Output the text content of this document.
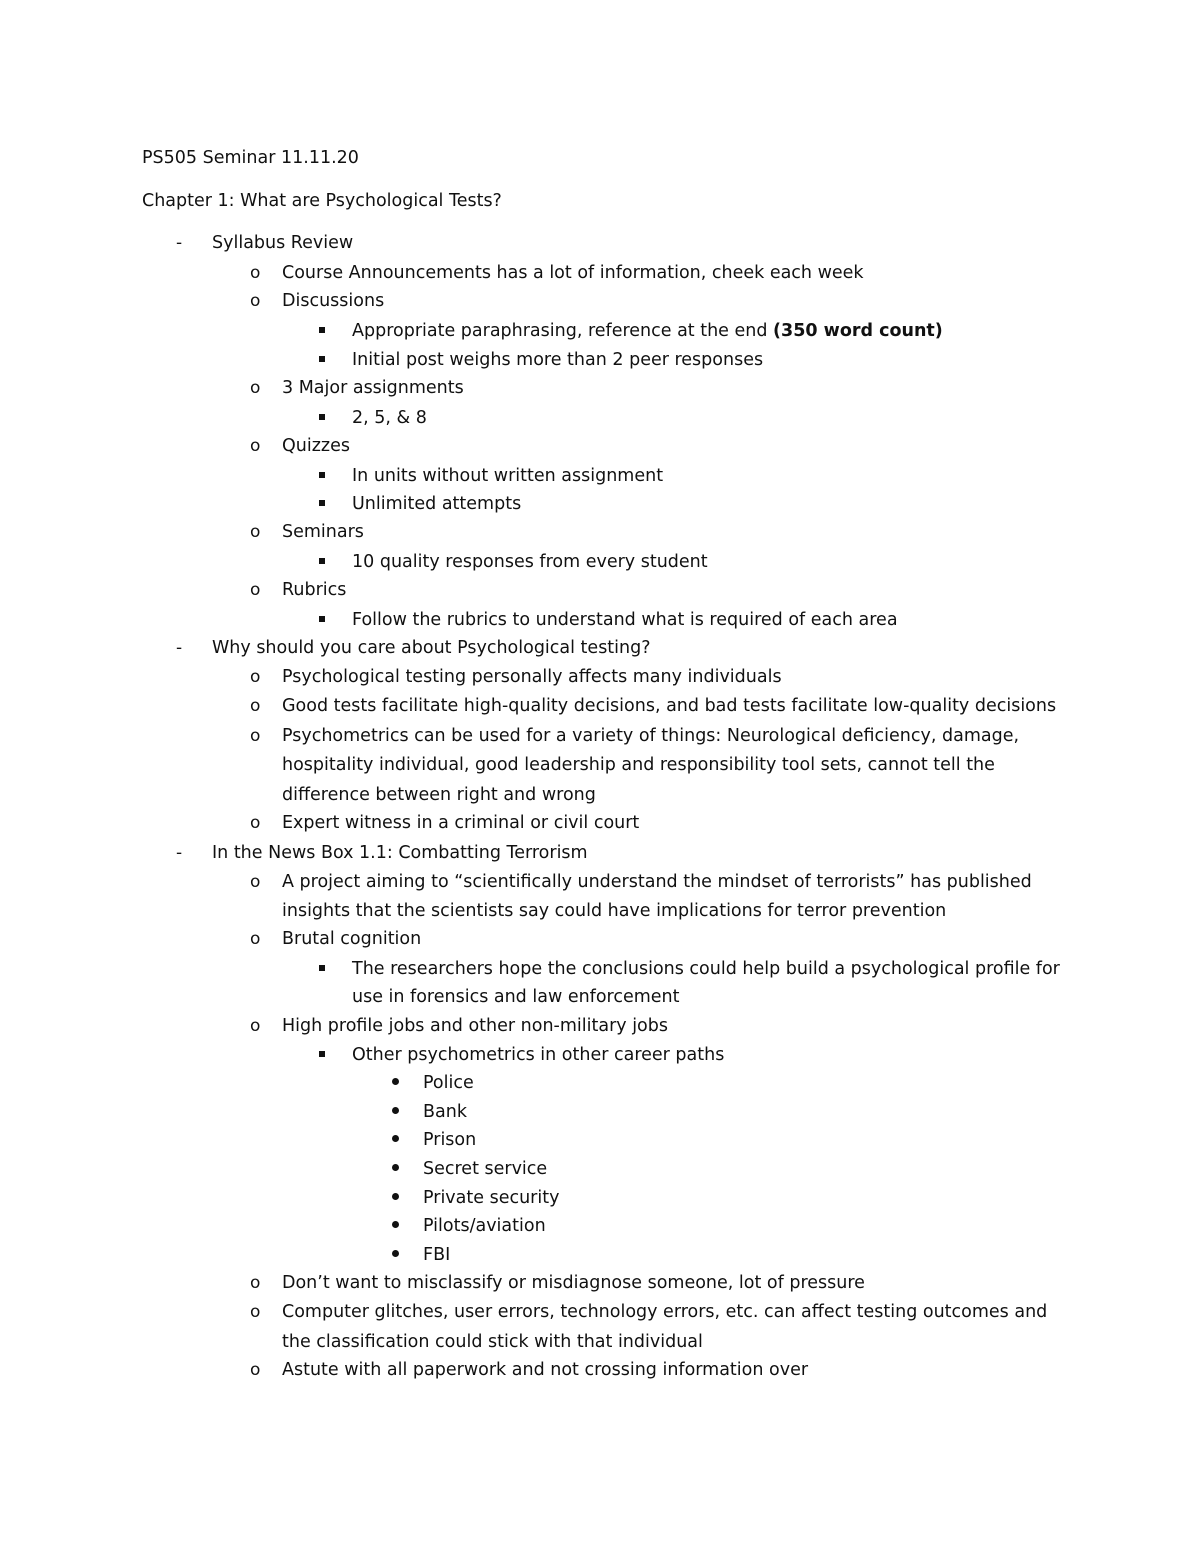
PS505 Seminar 11.11.20
Chapter 1: What are Psychological Tests?
- Syllabus Review
o Course Announcements has a lot of information, cheek each week
o Discussions
Appropriate paraphrasing, reference at the end (350 word count)
Initial post weighs more than 2 peer responses
o 3 Major assignments
2, 5, & 8
o Quizzes
In units without written assignment
Unlimited attempts
o Seminars
10 quality responses from every student
o Rubrics
Follow the rubrics to understand what is required of each area
- Why should you care about Psychological testing?
o Psychological testing personally affects many individuals
o Good tests facilitate high-quality decisions, and bad tests facilitate low-quality decisions
o Psychometrics can be used for a variety of things: Neurological deficiency, damage,
hospitality individual, good leadership and responsibility tool sets, cannot tell the
difference between right and wrong
o Expert witness in a criminal or civil court
- In the News Box 1.1: Combatting Terrorism
o A project aiming to “scientifically understand the mindset of terrorists” has published
insights that the scientists say could have implications for terror prevention
o Brutal cognition
The researchers hope the conclusions could help build a psychological profile for
use in forensics and law enforcement
o High profile jobs and other non-military jobs
Other psychometrics in other career paths
Police
Bank
Prison
Secret service
Private security
Pilots/aviation
FBI
o Don’t want to misclassify or misdiagnose someone, lot of pressure
o Computer glitches, user errors, technology errors, etc. can affect testing outcomes and
the classification could stick with that individual
o Astute with all paperwork and not crossing information over
